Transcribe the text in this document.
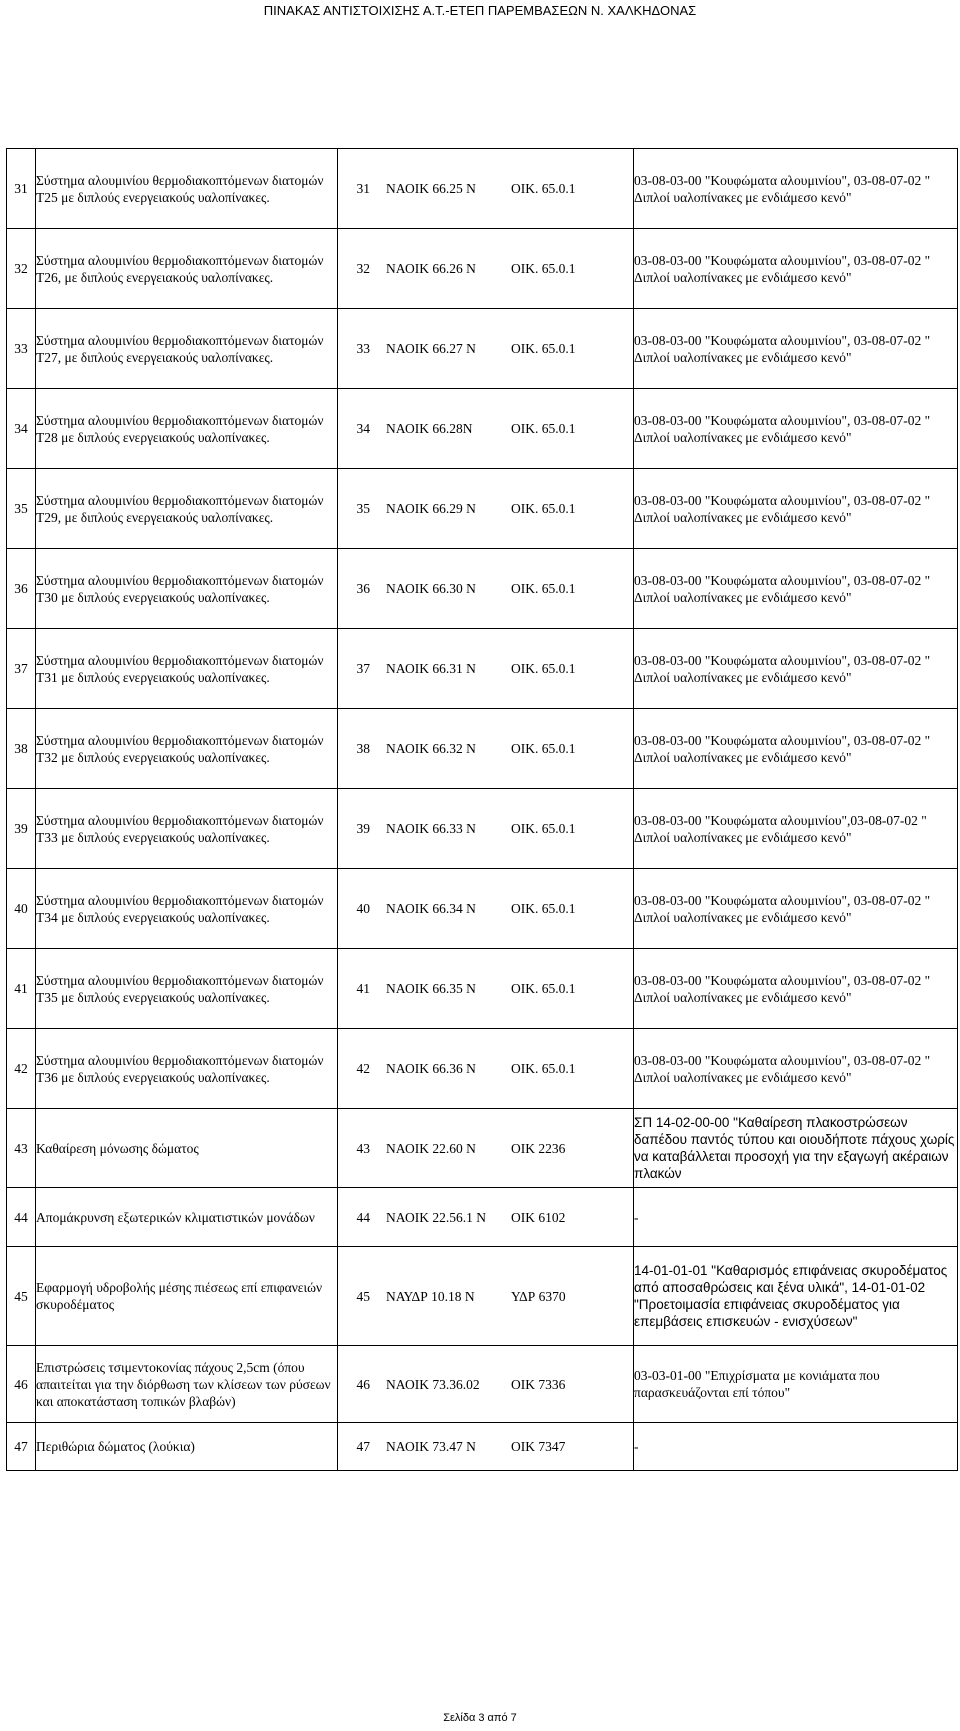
ΠΙΝΑΚΑΣ ΑΝΤΙΣΤΟΙΧΙΣΗΣ Α.Τ.-ΕΤΕΠ ΠΑΡΕΜΒΑΣΕΩΝ Ν. ΧΑΛΚΗΔΟΝΑΣ
31	Σύστημα αλουμινίου θερμοδιακοπτόμενων διατομών Τ25 με διπλούς ενεργειακούς υαλοπίνακες.	31 ΝΑΟΙΚ 66.25 Ν ΟΙΚ. 65.0.1	03-08-03-00 "Κουφώματα αλουμινίου", 03-08-07-02 " Διπλοί υαλοπίνακες με ενδιάμεσο κενό"
32	Σύστημα αλουμινίου θερμοδιακοπτόμενων διατομών Τ26, με διπλούς ενεργειακούς υαλοπίνακες.	32 ΝΑΟΙΚ 66.26 Ν ΟΙΚ. 65.0.1	03-08-03-00 "Κουφώματα αλουμινίου", 03-08-07-02 " Διπλοί υαλοπίνακες με ενδιάμεσο κενό"
33	Σύστημα αλουμινίου θερμοδιακοπτόμενων διατομών Τ27, με διπλούς ενεργειακούς υαλοπίνακες.	33 ΝΑΟΙΚ 66.27 Ν ΟΙΚ. 65.0.1	03-08-03-00 "Κουφώματα αλουμινίου", 03-08-07-02 " Διπλοί υαλοπίνακες με ενδιάμεσο κενό"
34	Σύστημα αλουμινίου θερμοδιακοπτόμενων διατομών Τ28 με διπλούς ενεργειακούς υαλοπίνακες.	34 ΝΑΟΙΚ 66.28Ν ΟΙΚ. 65.0.1	03-08-03-00 "Κουφώματα αλουμινίου", 03-08-07-02 " Διπλοί υαλοπίνακες με ενδιάμεσο κενό"
35	Σύστημα αλουμινίου θερμοδιακοπτόμενων διατομών Τ29, με διπλούς ενεργειακούς υαλοπίνακες.	35 ΝΑΟΙΚ 66.29 Ν ΟΙΚ. 65.0.1	03-08-03-00 "Κουφώματα αλουμινίου", 03-08-07-02 " Διπλοί υαλοπίνακες με ενδιάμεσο κενό"
36	Σύστημα αλουμινίου θερμοδιακοπτόμενων διατομών Τ30 με διπλούς ενεργειακούς υαλοπίνακες.	36 ΝΑΟΙΚ 66.30 Ν ΟΙΚ. 65.0.1	03-08-03-00 "Κουφώματα αλουμινίου", 03-08-07-02 " Διπλοί υαλοπίνακες με ενδιάμεσο κενό"
37	Σύστημα αλουμινίου θερμοδιακοπτόμενων διατομών Τ31 με διπλούς ενεργειακούς υαλοπίνακες.	37 ΝΑΟΙΚ 66.31 Ν ΟΙΚ. 65.0.1	03-08-03-00 "Κουφώματα αλουμινίου", 03-08-07-02 " Διπλοί υαλοπίνακες με ενδιάμεσο κενό"
38	Σύστημα αλουμινίου θερμοδιακοπτόμενων διατομών Τ32 με διπλούς ενεργειακούς υαλοπίνακες.	38 ΝΑΟΙΚ 66.32 Ν ΟΙΚ. 65.0.1	03-08-03-00 "Κουφώματα αλουμινίου", 03-08-07-02 " Διπλοί υαλοπίνακες με ενδιάμεσο κενό"
39	Σύστημα αλουμινίου θερμοδιακοπτόμενων διατομών Τ33 με διπλούς ενεργειακούς υαλοπίνακες.	39 ΝΑΟΙΚ 66.33 Ν ΟΙΚ. 65.0.1	03-08-03-00 "Κουφώματα αλουμινίου",03-08-07-02 " Διπλοί υαλοπίνακες με ενδιάμεσο κενό"
40	Σύστημα αλουμινίου θερμοδιακοπτόμενων διατομών Τ34 με διπλούς ενεργειακούς υαλοπίνακες.	40 ΝΑΟΙΚ 66.34 Ν ΟΙΚ. 65.0.1	03-08-03-00 "Κουφώματα αλουμινίου", 03-08-07-02 " Διπλοί υαλοπίνακες με ενδιάμεσο κενό"
41	Σύστημα αλουμινίου θερμοδιακοπτόμενων διατομών Τ35 με διπλούς ενεργειακούς υαλοπίνακες.	41 ΝΑΟΙΚ 66.35 Ν ΟΙΚ. 65.0.1	03-08-03-00 "Κουφώματα αλουμινίου", 03-08-07-02 " Διπλοί υαλοπίνακες με ενδιάμεσο κενό"
42	Σύστημα αλουμινίου θερμοδιακοπτόμενων διατομών Τ36 με διπλούς ενεργειακούς υαλοπίνακες.	42 ΝΑΟΙΚ 66.36 Ν ΟΙΚ. 65.0.1	03-08-03-00 "Κουφώματα αλουμινίου", 03-08-07-02 " Διπλοί υαλοπίνακες με ενδιάμεσο κενό"
43	Καθαίρεση μόνωσης δώματος	43 ΝΑΟΙΚ 22.60 Ν ΟΙΚ 2236	ΣΠ 14-02-00-00 "Καθαίρεση πλακοστρώσεων δαπέδου παντός τύπου και οιουδήποτε πάχους χωρίς να καταβάλλεται προσοχή για την εξαγωγή ακέραιων πλακών
44	Απομάκρυνση εξωτερικών κλιματιστικών μονάδων	44 ΝΑΟΙΚ 22.56.1 Ν ΟΙΚ 6102	-
45	Εφαρμογή υδροβολής μέσης πιέσεως επί επιφανειών σκυροδέματος	45 ΝΑΥΔΡ 10.18 Ν ΥΔΡ 6370	14-01-01-01 "Καθαρισμός επιφάνειας σκυροδέματος από αποσαθρώσεις και ξένα υλικά", 14-01-01-02 "Προετοιμασία επιφάνειας σκυροδέματος για επεμβάσεις επισκευών - ενισχύσεων"
46	Επιστρώσεις τσιμεντοκονίας πάχους 2,5cm (όπου απαιτείται για την διόρθωση των κλίσεων των ρύσεων και αποκατάσταση τοπικών βλαβών)	46 ΝΑΟΙΚ 73.36.02 ΟΙΚ 7336	03-03-01-00 "Επιχρίσματα με κονιάματα που παρασκευάζονται επί τόπου"
47	Περιθώρια δώματος (λούκια)	47 ΝΑΟΙΚ 73.47 Ν ΟΙΚ 7347	-
Σελίδα 3 από 7
